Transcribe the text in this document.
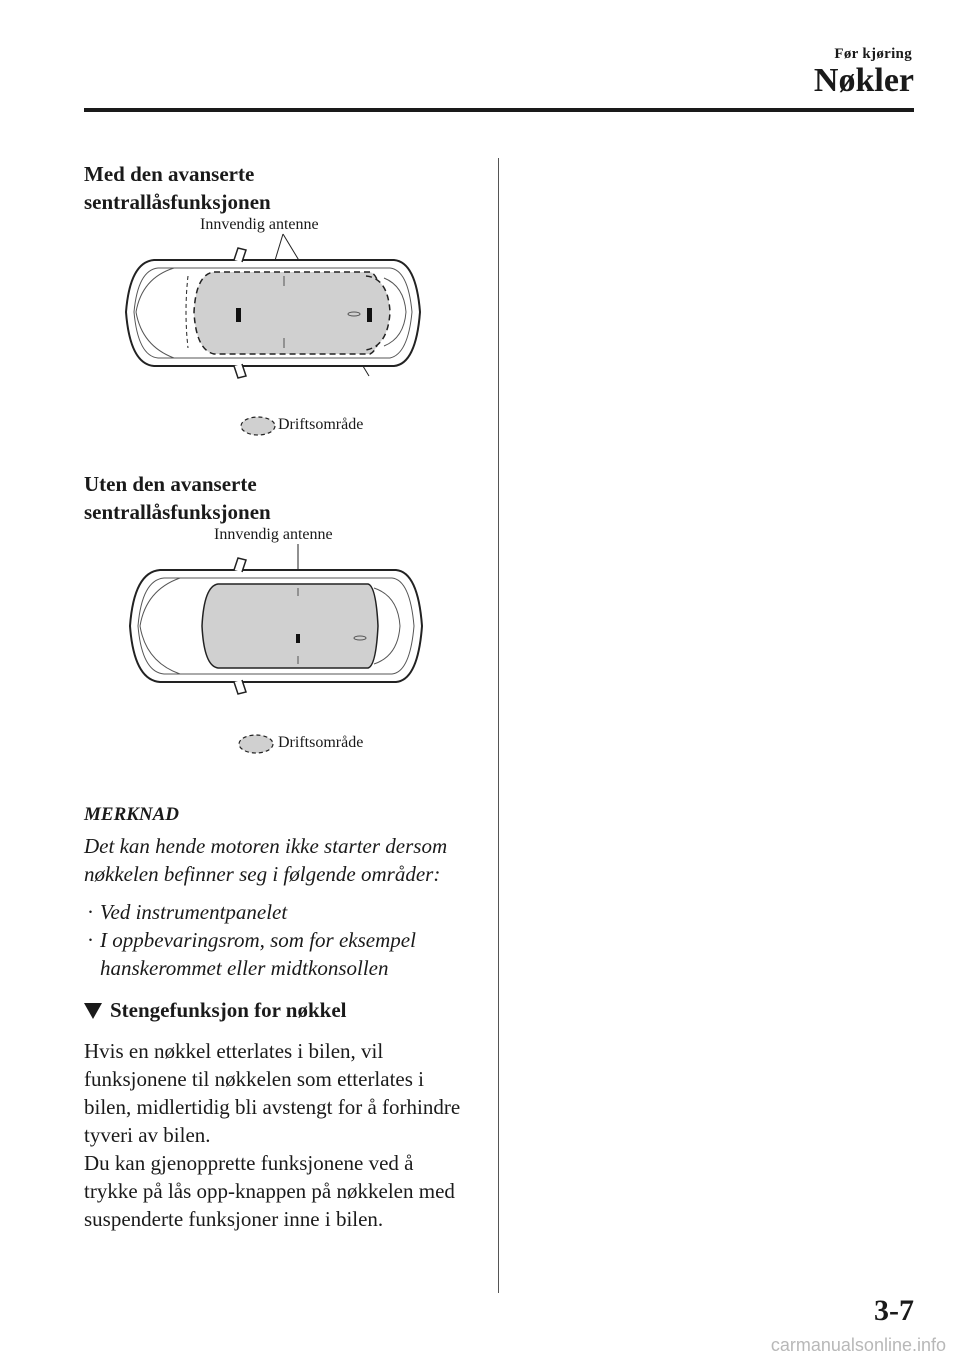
Før kjøring
Nøkler
Med den avanserte
sentrallåsfunksjonen
Innvendig antenne
Driftsområde
Uten den avanserte
sentrallåsfunksjonen
Innvendig antenne
Driftsområde

MERKNAD

Det kan hende motoren ikke starter dersom nøkkelen befinner seg i følgende områder:

· Ved instrumentpanelet
· I oppbevaringsrom, som for eksempel hanskerommet eller midtkonsollen
Stengefunksjon for nøkkel

Hvis en nøkkel etterlates i bilen, vil funksjonene til nøkkelen som etterlates i bilen, midlertidig bli avstengt for å forhindre tyveri av bilen.

Du kan gjenopprette funksjonene ved å trykke på lås opp-knappen på nøkkelen med suspenderte funksjoner inne i bilen.

3-7
carmanualsonline.info
